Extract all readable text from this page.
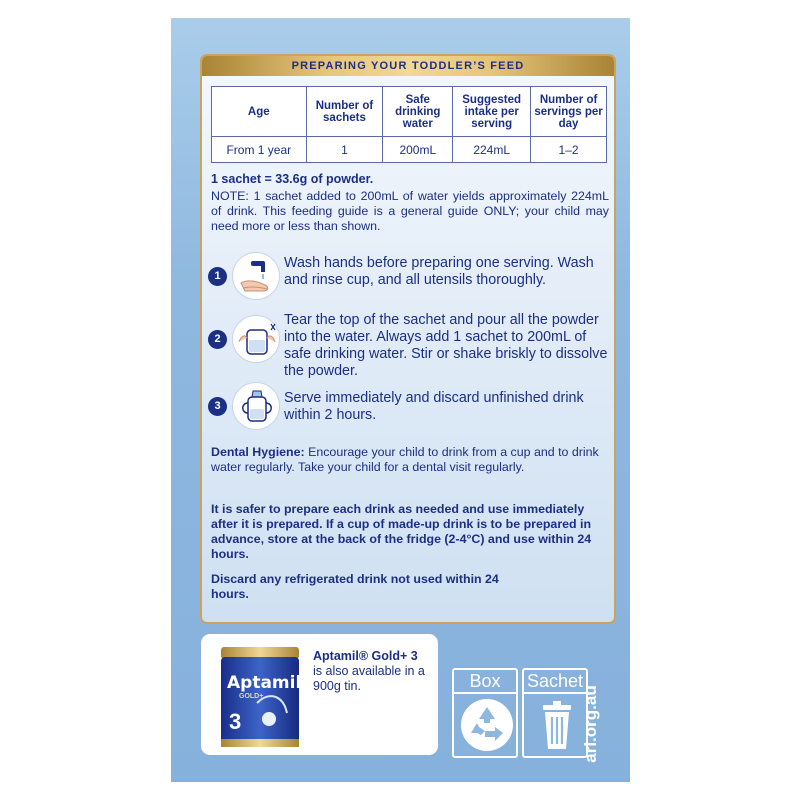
PREPARING YOUR TODDLER’S FEED
Age	Number of sachets	Safe drinking water	Suggested intake per serving	Number of servings per day
From 1 year	1	200mL	224mL	1–2
1 sachet = 33.6g of powder.
NOTE: 1 sachet added to 200mL of water yields approximately 224mL of drink. This feeding guide is a general guide ONLY; your child may need more or less than shown.
1
Wash hands before preparing one serving. Wash and rinse cup, and all utensils thoroughly.
2
Tear the top of the sachet and pour all the powder into the water. Always add 1 sachet to 200mL of safe drinking water. Stir or shake briskly to dissolve the powder.
3	Serve immediately and discard unfinished drink within 2 hours.
Dental Hygiene: Encourage your child to drink from a cup and to drink water regularly. Take your child for a dental visit regularly.
It is safer to prepare each drink as needed and use immediately after it is prepared. If a cup of made-up drink is to be prepared in advance, store at the back of the fridge (2-4°C) and use within 24 hours.
Discard any refrigerated drink not used within 24 hours.
Aptamil
GOLD+
3
Aptamil® Gold+ 3
is also available in a 900g tin.	Box	Sachet
arl.org.au
